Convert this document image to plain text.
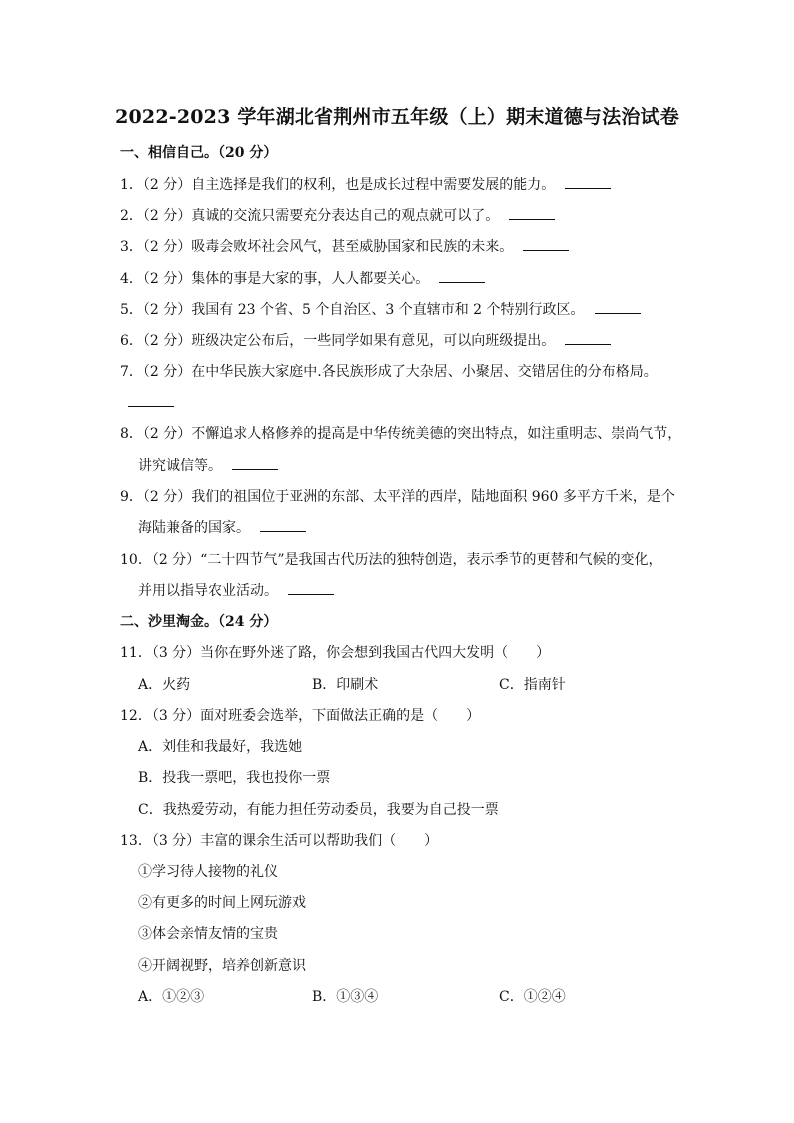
2022-2023 学年湖北省荆州市五年级（上）期末道德与法治试卷
一、相信自己。（20 分）
1．（2 分）自主选择是我们的权利，也是成长过程中需要发展的能力。
2．（2 分）真诚的交流只需要充分表达自己的观点就可以了。
3．（2 分）吸毒会败坏社会风气，甚至威胁国家和民族的未来。
4．（2 分）集体的事是大家的事，人人都要关心。
5．（2 分）我国有 23 个省、5 个自治区、3 个直辖市和 2 个特别行政区。
6．（2 分）班级决定公布后，一些同学如果有意见，可以向班级提出。
7．（2 分）在中华民族大家庭中.各民族形成了大杂居、小聚居、交错居住的分布格局。
8．（2 分）不懈追求人格修养的提高是中华传统美德的突出特点，如注重明志、崇尚气节，
讲究诚信等。
9．（2 分）我们的祖国位于亚洲的东部、太平洋的西岸，陆地面积 960 多平方千米，是个
海陆兼备的国家。
10．（2 分）“二十四节气”是我国古代历法的独特创造，表示季节的更替和气候的变化，
并用以指导农业活动。
二、沙里淘金。（24 分）
11．（3 分）当你在野外迷了路，你会想到我国古代四大发明（　　）
A．火药	B．印刷术	C．指南针
12．（3 分）面对班委会选举，下面做法正确的是（　　）
A．刘佳和我最好，我选她
B．投我一票吧，我也投你一票
C．我热爱劳动，有能力担任劳动委员，我要为自己投一票
13．（3 分）丰富的课余生活可以帮助我们（　　）
①学习待人接物的礼仪
②有更多的时间上网玩游戏
③体会亲情友情的宝贵
④开阔视野，培养创新意识
A．①②③	B．①③④	C．①②④
